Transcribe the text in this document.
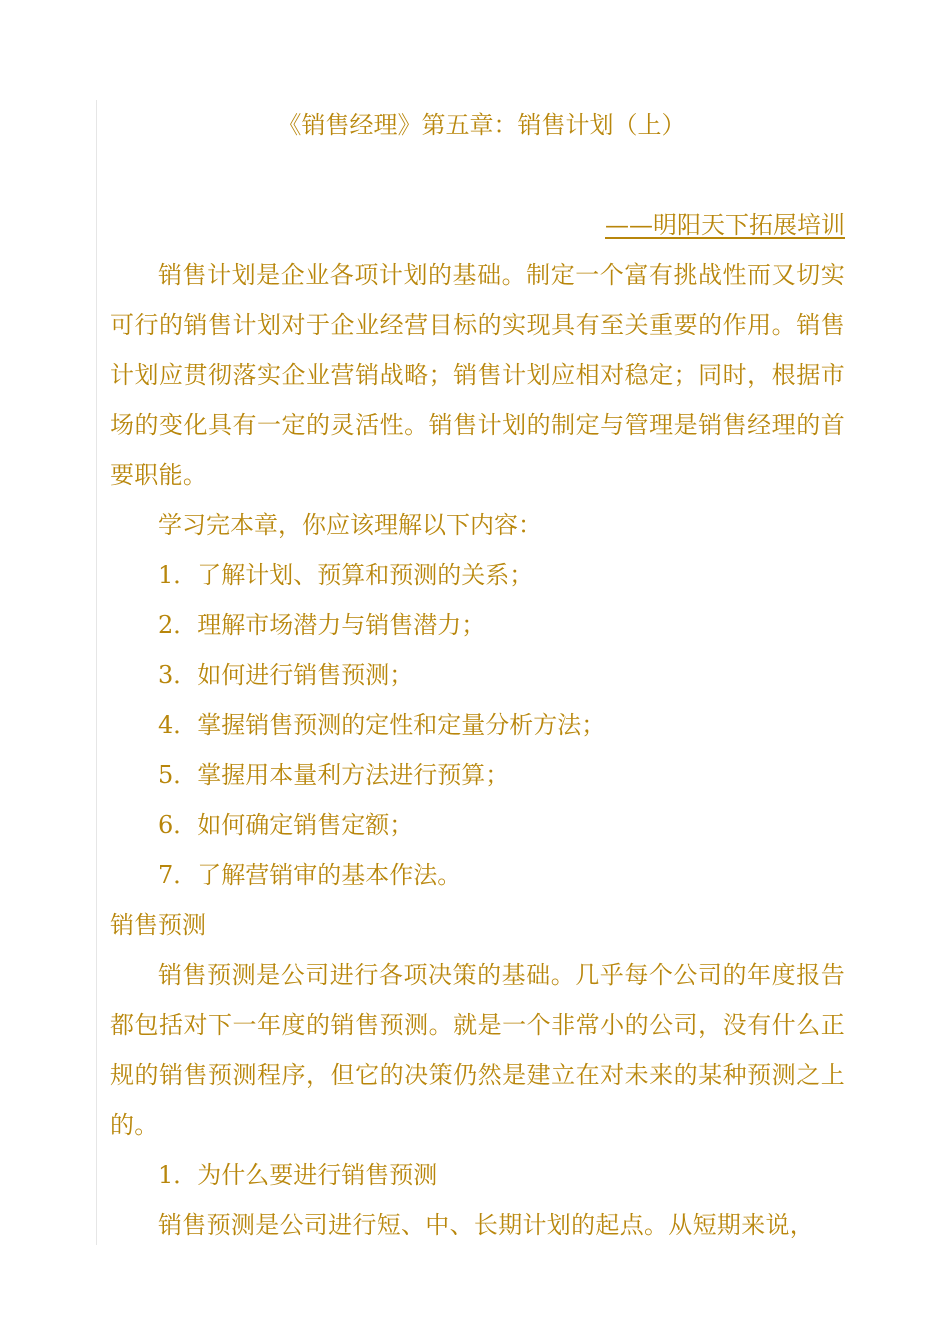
《销售经理》第五章：销售计划（上）

——明阳天下拓展培训

销售计划是企业各项计划的基础。制定一个富有挑战性而又切实可行的销售计划对于企业经营目标的实现具有至关重要的作用。销售计划应贯彻落实企业营销战略；销售计划应相对稳定；同时，根据市场的变化具有一定的灵活性。销售计划的制定与管理是销售经理的首要职能。

学习完本章，你应该理解以下内容：

1．了解计划、预算和预测的关系；

2．理解市场潜力与销售潜力；

3．如何进行销售预测；

4．掌握销售预测的定性和定量分析方法；

5．掌握用本量利方法进行预算；

6．如何确定销售定额；

7．了解营销审的基本作法。

销售预测

销售预测是公司进行各项决策的基础。几乎每个公司的年度报告都包括对下一年度的销售预测。就是一个非常小的公司，没有什么正规的销售预测程序，但它的决策仍然是建立在对未来的某种预测之上的。

1．为什么要进行销售预测

销售预测是公司进行短、中、长期计划的起点。从短期来说，
